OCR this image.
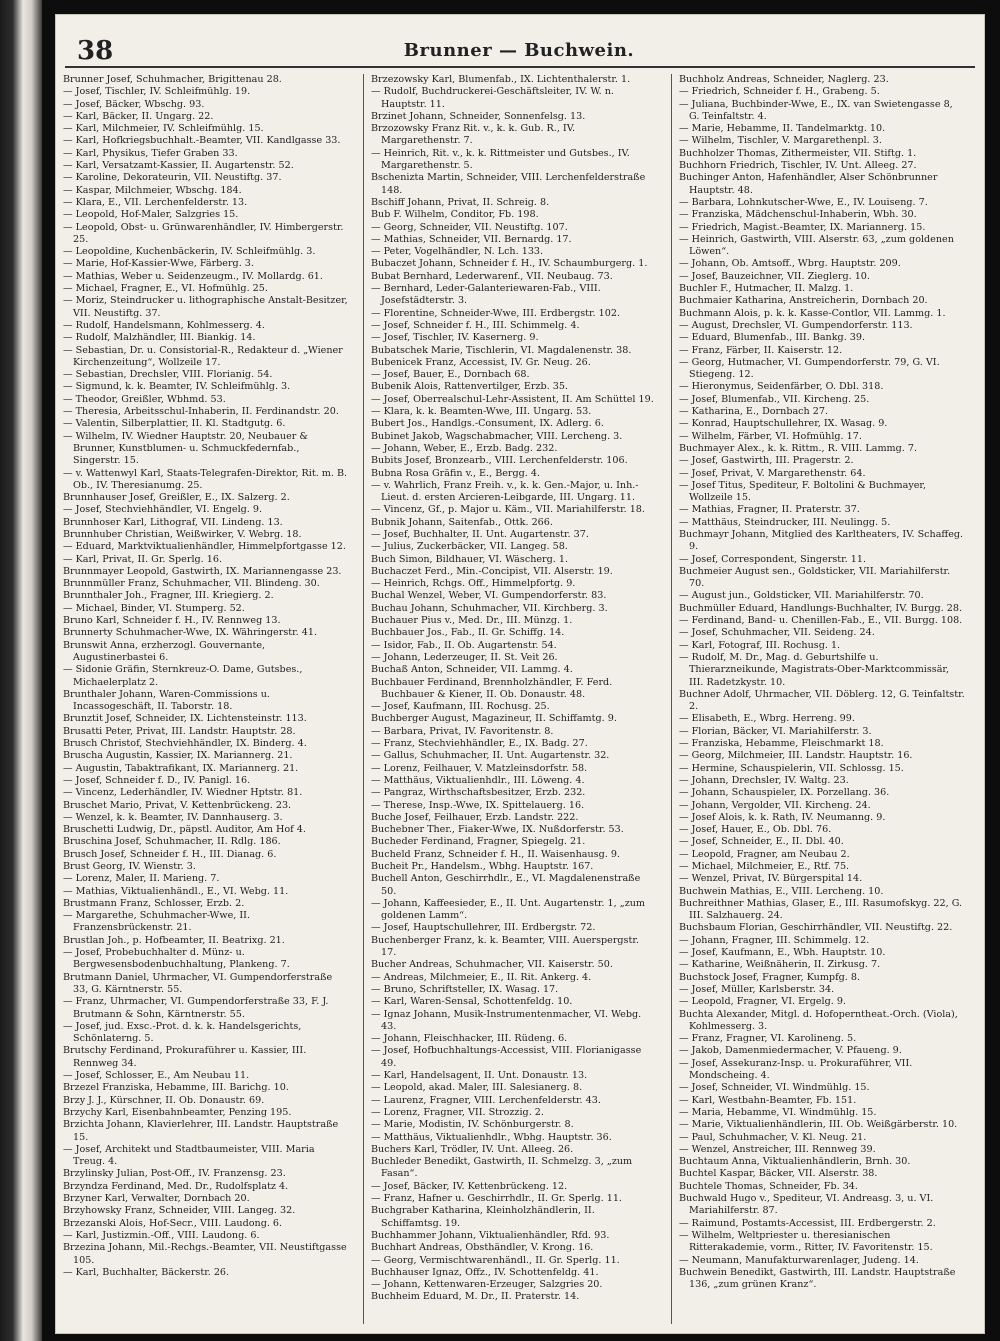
38	Brunner — Buchwein.

Brunner Josef, Schuhmacher, Brigittenau 28.

— Josef, Tischler, IV. Schleifmühlg. 19.

— Josef, Bäcker, Wbschg. 93.

— Karl, Bäcker, II. Ungarg. 22.

— Karl, Milchmeier, IV. Schleifmühlg. 15.

— Karl, Hofkriegsbuchhalt.-Beamter, VII. Kandlgasse 33.

— Karl, Physikus, Tiefer Graben 33.

— Karl, Versatzamt-Kassier, II. Augartenstr. 52.

— Karoline, Dekorateurin, VII. Neustiftg. 37.

— Kaspar, Milchmeier, Wbschg. 184.

— Klara, E., VII. Lerchenfelderstr. 13.

— Leopold, Hof-Maler, Salzgries 15.

— Leopold, Obst- u. Grünwarenhändler, IV. Himbergerstr. 25.

— Leopoldine, Kuchenbäckerin, IV. Schleifmühlg. 3.

— Marie, Hof-Kassier-Wwe, Färberg. 3.

— Mathias, Weber u. Seidenzeugm., IV. Mollardg. 61.

— Michael, Fragner, E., VI. Hofmühlg. 25.

— Moriz, Steindrucker u. lithographische Anstalt-Besitzer, VII. Neustiftg. 37.

— Rudolf, Handelsmann, Kohlmesserg. 4.

— Rudolf, Malzhändler, III. Biankig. 14.

— Sebastian, Dr. u. Consistorial-R., Redakteur d. „Wiener Kirchenzeitung“, Wollzeile 17.

— Sebastian, Drechsler, VIII. Florianig. 54.

— Sigmund, k. k. Beamter, IV. Schleifmühlg. 3.

— Theodor, Greißler, Wbhmd. 53.

— Theresia, Arbeitsschul-Inhaberin, II. Ferdinandstr. 20.

— Valentin, Silberplattier, II. Kl. Stadtgutg. 6.

— Wilhelm, IV. Wiedner Hauptstr. 20, Neubauer & Brunner, Kunstblumen- u. Schmuckfedernfab., Singerstr. 15.

— v. Wattenwyl Karl, Staats-Telegrafen-Direktor, Rit. m. B. Ob., IV. Theresianumg. 25.

Brunnhauser Josef, Greißler, E., IX. Salzerg. 2.

— Josef, Stechviehhändler, VI. Engelg. 9.

Brunnhoser Karl, Lithograf, VII. Lindeng. 13.

Brunnhuber Christian, Weißwirker, V. Webrg. 18.

— Eduard, Marktviktualienhändler, Himmelpfortgasse 12.

— Karl, Privat, II. Gr. Sperlg. 16.

Brunnmayer Leopold, Gastwirth, IX. Mariannengasse 23.

Brunnmüller Franz, Schuhmacher, VII. Blindeng. 30.

Brunnthaler Joh., Fragner, III. Kriegierg. 2.

— Michael, Binder, VI. Stumperg. 52.

Bruno Karl, Schneider f. H., IV. Rennweg 13.

Brunnerty Schuhmacher-Wwe, IX. Währingerstr. 41.

Brunswit Anna, erzherzogl. Gouvernante, Augustinerbastei 6.

— Sidonie Gräfin, Sternkreuz-O. Dame, Gutsbes., Michaelerplatz 2.

Brunthaler Johann, Waren-Commissions u. Incassogeschäft, II. Taborstr. 18.

Brunztit Josef, Schneider, IX. Lichtensteinstr. 113.

Brusatti Peter, Privat, III. Landstr. Hauptstr. 28.

Brusch Christof, Stechviehhändler, IX. Binderg. 4.

Bruscha Augustin, Kassier, IX. Mariannerg. 21.

— Augustin, Tabaktrafikant, IX. Mariannerg. 21.

— Josef, Schneider f. D., IV. Panigl. 16.

— Vincenz, Lederhändler, IV. Wiedner Hptstr. 81.

Bruschet Mario, Privat, V. Kettenbrückeng. 23.

— Wenzel, k. k. Beamter, IV. Dannhauserg. 3.

Bruschetti Ludwig, Dr., päpstl. Auditor, Am Hof 4.

Bruschina Josef, Schuhmacher, II. Rdlg. 186.

Brusch Josef, Schneider f. H., III. Dianag. 6.

Brust Georg, IV. Wienstr. 3.

— Lorenz, Maler, II. Marieng. 7.

— Mathias, Viktualienhändl., E., VI. Webg. 11.

Brustmann Franz, Schlosser, Erzb. 2.

— Margarethe, Schuhmacher-Wwe, II. Franzensbrückenstr. 21.

Brustlan Joh., p. Hofbeamter, II. Beatrixg. 21.

— Josef, Probebuchhalter d. Münz- u. Bergwesensbodenbuchhaltung, Plankeng. 7.

Brutmann Daniel, Uhrmacher, VI. Gumpendorferstraße 33, G. Kärntnerstr. 55.

— Franz, Uhrmacher, VI. Gumpendorferstraße 33, F. J. Brutmann & Sohn, Kärntnerstr. 55.

— Josef, jud. Exsc.-Prot. d. k. k. Handelsgerichts, Schönlaterng. 5.

Brutschy Ferdinand, Prokuraführer u. Kassier, III. Rennweg 34.

— Josef, Schlosser, E., Am Neubau 11.

Brzezel Franziska, Hebamme, III. Barichg. 10.

Brzy J. J., Kürschner, II. Ob. Donaustr. 69.

Brzychy Karl, Eisenbahnbeamter, Penzing 195.

Brzichta Johann, Klavierlehrer, III. Landstr. Hauptstraße 15.

— Josef, Architekt und Stadtbaumeister, VIII. Maria Treug. 4.

Brzylinsky Julian, Post-Off., IV. Franzensg. 23.

Brzyndza Ferdinand, Med. Dr., Rudolfsplatz 4.

Brzyner Karl, Verwalter, Dornbach 20.

Brzyhowsky Franz, Schneider, VIII. Langeg. 32.

Brzezanski Alois, Hof-Secr., VIII. Laudong. 6.

— Karl, Justizmin.-Off., VIII. Laudong. 6.

Brzezina Johann, Mil.-Rechgs.-Beamter, VII. Neustiftgasse 105.

— Karl, Buchhalter, Bäckerstr. 26.

Brzezowsky Karl, Blumenfab., IX. Lichtenthalerstr. 1.

— Rudolf, Buchdruckerei-Geschäftsleiter, IV. W. n. Hauptstr. 11.

Brzinet Johann, Schneider, Sonnenfelsg. 13.

Brzozowsky Franz Rit. v., k. k. Gub. R., IV. Margarethenstr. 7.

— Heinrich, Rit. v., k. k. Rittmeister und Gutsbes., IV. Margarethenstr. 5.

Bschenizta Martin, Schneider, VIII. Lerchenfelderstraße 148.

Bschiff Johann, Privat, II. Schreig. 8.

Bub F. Wilhelm, Conditor, Fb. 198.

— Georg, Schneider, VII. Neustiftg. 107.

— Mathias, Schneider, VII. Bernardg. 17.

— Peter, Vogelhändler, N. Lch. 133.

Bubaczet Johann, Schneider f. H., IV. Schaumburgerg. 1.

Bubat Bernhard, Lederwarenf., VII. Neubaug. 73.

— Bernhard, Leder-Galanteriewaren-Fab., VIII. Josefstädterstr. 3.

— Florentine, Schneider-Wwe, III. Erdbergstr. 102.

— Josef, Schneider f. H., III. Schimmelg. 4.

— Josef, Tischler, IV. Kasernerg. 9.

Bubatschek Marie, Tischlerin, VI. Magdalenenstr. 38.

Bubenicek Franz, Accessist, IV. Gr. Neug. 26.

— Josef, Bauer, E., Dornbach 68.

Bubenik Alois, Rattenvertilger, Erzb. 35.

— Josef, Oberrealschul-Lehr-Assistent, II. Am Schüttel 19.

— Klara, k. k. Beamten-Wwe, III. Ungarg. 53.

Bubert Jos., Handlgs.-Consument, IX. Adlerg. 6.

Bubinet Jakob, Wagschabmacher, VIII. Lercheng. 3.

— Johann, Weber, E., Erzb. Badg. 232.

Bubits Josef, Bronzearb., VIII. Lerchenfelderstr. 106.

Bubna Rosa Gräfin v., E., Bergg. 4.

— v. Wahrlich, Franz Freih. v., k. k. Gen.-Major, u. Inh.-Lieut. d. ersten Arcieren-Leibgarde, III. Ungarg. 11.

— Vincenz, Gf., p. Major u. Käm., VII. Mariahilferstr. 18.

Bubnik Johann, Saitenfab., Ottk. 266.

— Josef, Buchhalter, II. Unt. Augartenstr. 37.

— Julius, Zuckerbäcker, VII. Langeg. 58.

Buch Simon, Bildhauer, VI. Wäscherg. 1.

Buchaczet Ferd., Min.-Concipist, VII. Alserstr. 19.

— Heinrich, Rchgs. Off., Himmelpfortg. 9.

Buchal Wenzel, Weber, VI. Gumpendorferstr. 83.

Buchau Johann, Schuhmacher, VII. Kirchberg. 3.

Buchauer Pius v., Med. Dr., III. Münzg. 1.

Buchbauer Jos., Fab., II. Gr. Schiffg. 14.

— Isidor, Fab., II. Ob. Augartenstr. 54.

— Johann, Lederzeuger, II. St. Veit 26.

Buchaß Anton, Schneider, VII. Lammg. 4.

Buchbauer Ferdinand, Brennholzhändler, F. Ferd. Buchbauer & Kiener, II. Ob. Donaustr. 48.

— Josef, Kaufmann, III. Rochusg. 25.

Buchberger August, Magazineur, II. Schiffamtg. 9.

— Barbara, Privat, IV. Favoritenstr. 8.

— Franz, Stechviehhändler, E., IX. Badg. 27.

— Gallus, Schuhmacher, II. Unt. Augartenstr. 32.

— Lorenz, Feilhauer, V. Matzleinsdorfstr. 58.

— Matthäus, Viktualienhdlr., III. Löweng. 4.

— Pangraz, Wirthschaftsbesitzer, Erzb. 232.

— Therese, Insp.-Wwe, IX. Spittelauerg. 16.

Buche Josef, Feilhauer, Erzb. Landstr. 222.

Buchebner Ther., Fiaker-Wwe, IX. Nußdorferstr. 53.

Bucheder Ferdinand, Fragner, Spiegelg. 21.

Bucheld Franz, Schneider f. H., II. Waisenhausg. 9.

Bucheit Pr., Handelsm., Wbhg. Hauptstr. 167.

Buchell Anton, Geschirrhdlr., E., VI. Magdalenenstraße 50.

— Johann, Kaffeesieder, E., II. Unt. Augartenstr. 1, „zum goldenen Lamm“.

— Josef, Hauptschullehrer, III. Erdbergstr. 72.

Buchenberger Franz, k. k. Beamter, VIII. Auerspergstr. 17.

Bucher Andreas, Schuhmacher, VII. Kaiserstr. 50.

— Andreas, Milchmeier, E., II. Rit. Ankerg. 4.

— Bruno, Schriftsteller, IX. Wasag. 17.

— Karl, Waren-Sensal, Schottenfeldg. 10.

— Ignaz Johann, Musik-Instrumentenmacher, VI. Webg. 43.

— Johann, Fleischhacker, III. Rüdeng. 6.

— Josef, Hofbuchhaltungs-Accessist, VIII. Florianigasse 49.

— Karl, Handelsagent, II. Unt. Donaustr. 13.

— Leopold, akad. Maler, III. Salesianerg. 8.

— Laurenz, Fragner, VIII. Lerchenfelderstr. 43.

— Lorenz, Fragner, VII. Strozzig. 2.

— Marie, Modistin, IV. Schönburgerstr. 8.

— Matthäus, Viktualienhdlr., Wbhg. Hauptstr. 36.

Buchers Karl, Trödler, IV. Unt. Alleeg. 26.

Buchleder Benedikt, Gastwirth, II. Schmelzg. 3, „zum Fasan“.

— Josef, Bäcker, IV. Kettenbrückeng. 12.

— Franz, Hafner u. Geschirrhdlr., II. Gr. Sperlg. 11.

Buchgraber Katharina, Kleinholzhändlerin, II. Schiffamtsg. 19.

Buchhammer Johann, Viktualienhändler, Rfd. 93.

Buchhart Andreas, Obsthändler, V. Krong. 16.

— Georg, Vermischtwarenhändl., II. Gr. Sperlg. 11.

Buchhauser Ignaz, Offz., IV. Schottenfeldg. 41.

— Johann, Kettenwaren-Erzeuger, Salzgries 20.

Buchheim Eduard, M. Dr., II. Praterstr. 14.

Buchholz Andreas, Schneider, Naglerg. 23.

— Friedrich, Schneider f. H., Grabeng. 5.

— Juliana, Buchbinder-Wwe, E., IX. van Swietengasse 8, G. Teinfaltstr. 4.

— Marie, Hebamme, II. Tandelmarktg. 10.

— Wilhelm, Tischler, V. Margarethenpl. 3.

Buchholzer Thomas, Zithermeister, VII. Stiftg. 1.

Buchhorn Friedrich, Tischler, IV. Unt. Alleeg. 27.

Buchinger Anton, Hafenhändler, Alser Schönbrunner Hauptstr. 48.

— Barbara, Lohnkutscher-Wwe, E., IV. Louiseng. 7.

— Franziska, Mädchenschul-Inhaberin, Wbh. 30.

— Friedrich, Magist.-Beamter, IX. Mariannerg. 15.

— Heinrich, Gastwirth, VIII. Alserstr. 63, „zum goldenen Löwen“.

— Johann, Ob. Amtsoff., Wbrg. Hauptstr. 209.

— Josef, Bauzeichner, VII. Zieglerg. 10.

Buchler F., Hutmacher, II. Malzg. 1.

Buchmaier Katharina, Anstreicherin, Dornbach 20.

Buchmann Alois, p. k. k. Kasse-Contlor, VII. Lammg. 1.

— August, Drechsler, VI. Gumpendorferstr. 113.

— Eduard, Blumenfab., III. Bankg. 39.

— Franz, Färber, II. Kaiserstr. 12.

— Georg, Hutmacher, VI. Gumpendorferstr. 79, G. VI. Stiegeng. 12.

— Hieronymus, Seidenfärber, O. Dbl. 318.

— Josef, Blumenfab., VII. Kircheng. 25.

— Katharina, E., Dornbach 27.

— Konrad, Hauptschullehrer, IX. Wasag. 9.

— Wilhelm, Färber, VI. Hofmühlg. 17.

Buchmayer Alex., k. k. Rittm., R. VIII. Lammg. 7.

— Josef, Gastwirth, III. Pragerstr. 2.

— Josef, Privat, V. Margarethenstr. 64.

— Josef Titus, Spediteur, F. Boltolini & Buchmayer, Wollzeile 15.

— Mathias, Fragner, II. Praterstr. 37.

— Matthäus, Steindrucker, III. Neulingg. 5.

Buchmayr Johann, Mitglied des Karltheaters, IV. Schaffeg. 9.

— Josef, Correspondent, Singerstr. 11.

Buchmeier August sen., Goldsticker, VII. Mariahilferstr. 70.

— August jun., Goldsticker, VII. Mariahilferstr. 70.

Buchmüller Eduard, Handlungs-Buchhalter, IV. Burgg. 28.

— Ferdinand, Band- u. Chenillen-Fab., E., VII. Burgg. 108.

— Josef, Schuhmacher, VII. Seideng. 24.

— Karl, Fotograf, III. Rochusg. 1.

— Rudolf, M. Dr., Mag. d. Geburtshilfe u. Thierarzneikunde, Magistrats-Ober-Marktcommissär, III. Radetzkystr. 10.

Buchner Adolf, Uhrmacher, VII. Döblerg. 12, G. Teinfaltstr. 2.

— Elisabeth, E., Wbrg. Herreng. 99.

— Florian, Bäcker, VI. Mariahilferstr. 3.

— Franziska, Hebamme, Fleischmarkt 18.

— Georg, Milchmeier, III. Landstr. Hauptstr. 16.

— Hermine, Schauspielerin, VII. Schlossg. 15.

— Johann, Drechsler, IV. Waltg. 23.

— Johann, Schauspieler, IX. Porzellang. 36.

— Johann, Vergolder, VII. Kircheng. 24.

— Josef Alois, k. k. Rath, IV. Neumanng. 9.

— Josef, Hauer, E., Ob. Dbl. 76.

— Josef, Schneider, E., II. Dbl. 40.

— Leopold, Fragner, am Neubau 2.

— Michael, Milchmeier, E., Rtf. 75.

— Wenzel, Privat, IV. Bürgerspital 14.

Buchwein Mathias, E., VIII. Lercheng. 10.

Buchreithner Mathias, Glaser, E., III. Rasumofskyg. 22, G. III. Salzhauerg. 24.

Buchsbaum Florian, Geschirrhändler, VII. Neustiftg. 22.

— Johann, Fragner, III. Schimmelg. 12.

— Josef, Kaufmann, E., Wbh. Hauptstr. 10.

— Katharine, Weißnäherin, II. Zirkusg. 7.

Buchstock Josef, Fragner, Kumpfg. 8.

— Josef, Müller, Karlsberstr. 34.

— Leopold, Fragner, VI. Ergelg. 9.

Buchta Alexander, Mitgl. d. Hofoperntheat.-Orch. (Viola), Kohlmesserg. 3.

— Franz, Fragner, VI. Karolineng. 5.

— Jakob, Damenmiedermacher, V. Pfaueng. 9.

— Josef, Assekuranz-Insp. u. Prokuraführer, VII. Mondscheing. 4.

— Josef, Schneider, VI. Windmühlg. 15.

— Karl, Westbahn-Beamter, Fb. 151.

— Maria, Hebamme, VI. Windmühlg. 15.

— Marie, Viktualienhändlerin, III. Ob. Weißgärberstr. 10.

— Paul, Schuhmacher, V. Kl. Neug. 21.

— Wenzel, Anstreicher, III. Rennweg 39.

Buchtaum Anna, Viktualienhändlerin, Brnh. 30.

Buchtel Kaspar, Bäcker, VII. Alserstr. 38.

Buchtele Thomas, Schneider, Fb. 34.

Buchwald Hugo v., Spediteur, VI. Andreasg. 3, u. VI. Mariahilferstr. 87.

— Raimund, Postamts-Accessist, III. Erdbergerstr. 2.

— Wilhelm, Weltpriester u. theresianischen Ritterakademie, vorm., Ritter, IV. Favoritenstr. 15.

— Neumann, Manufakturwarenlager, Judeng. 14.

Buchwein Benedikt, Gastwirth, III. Landstr. Hauptstraße 136, „zum grünen Kranz“.
